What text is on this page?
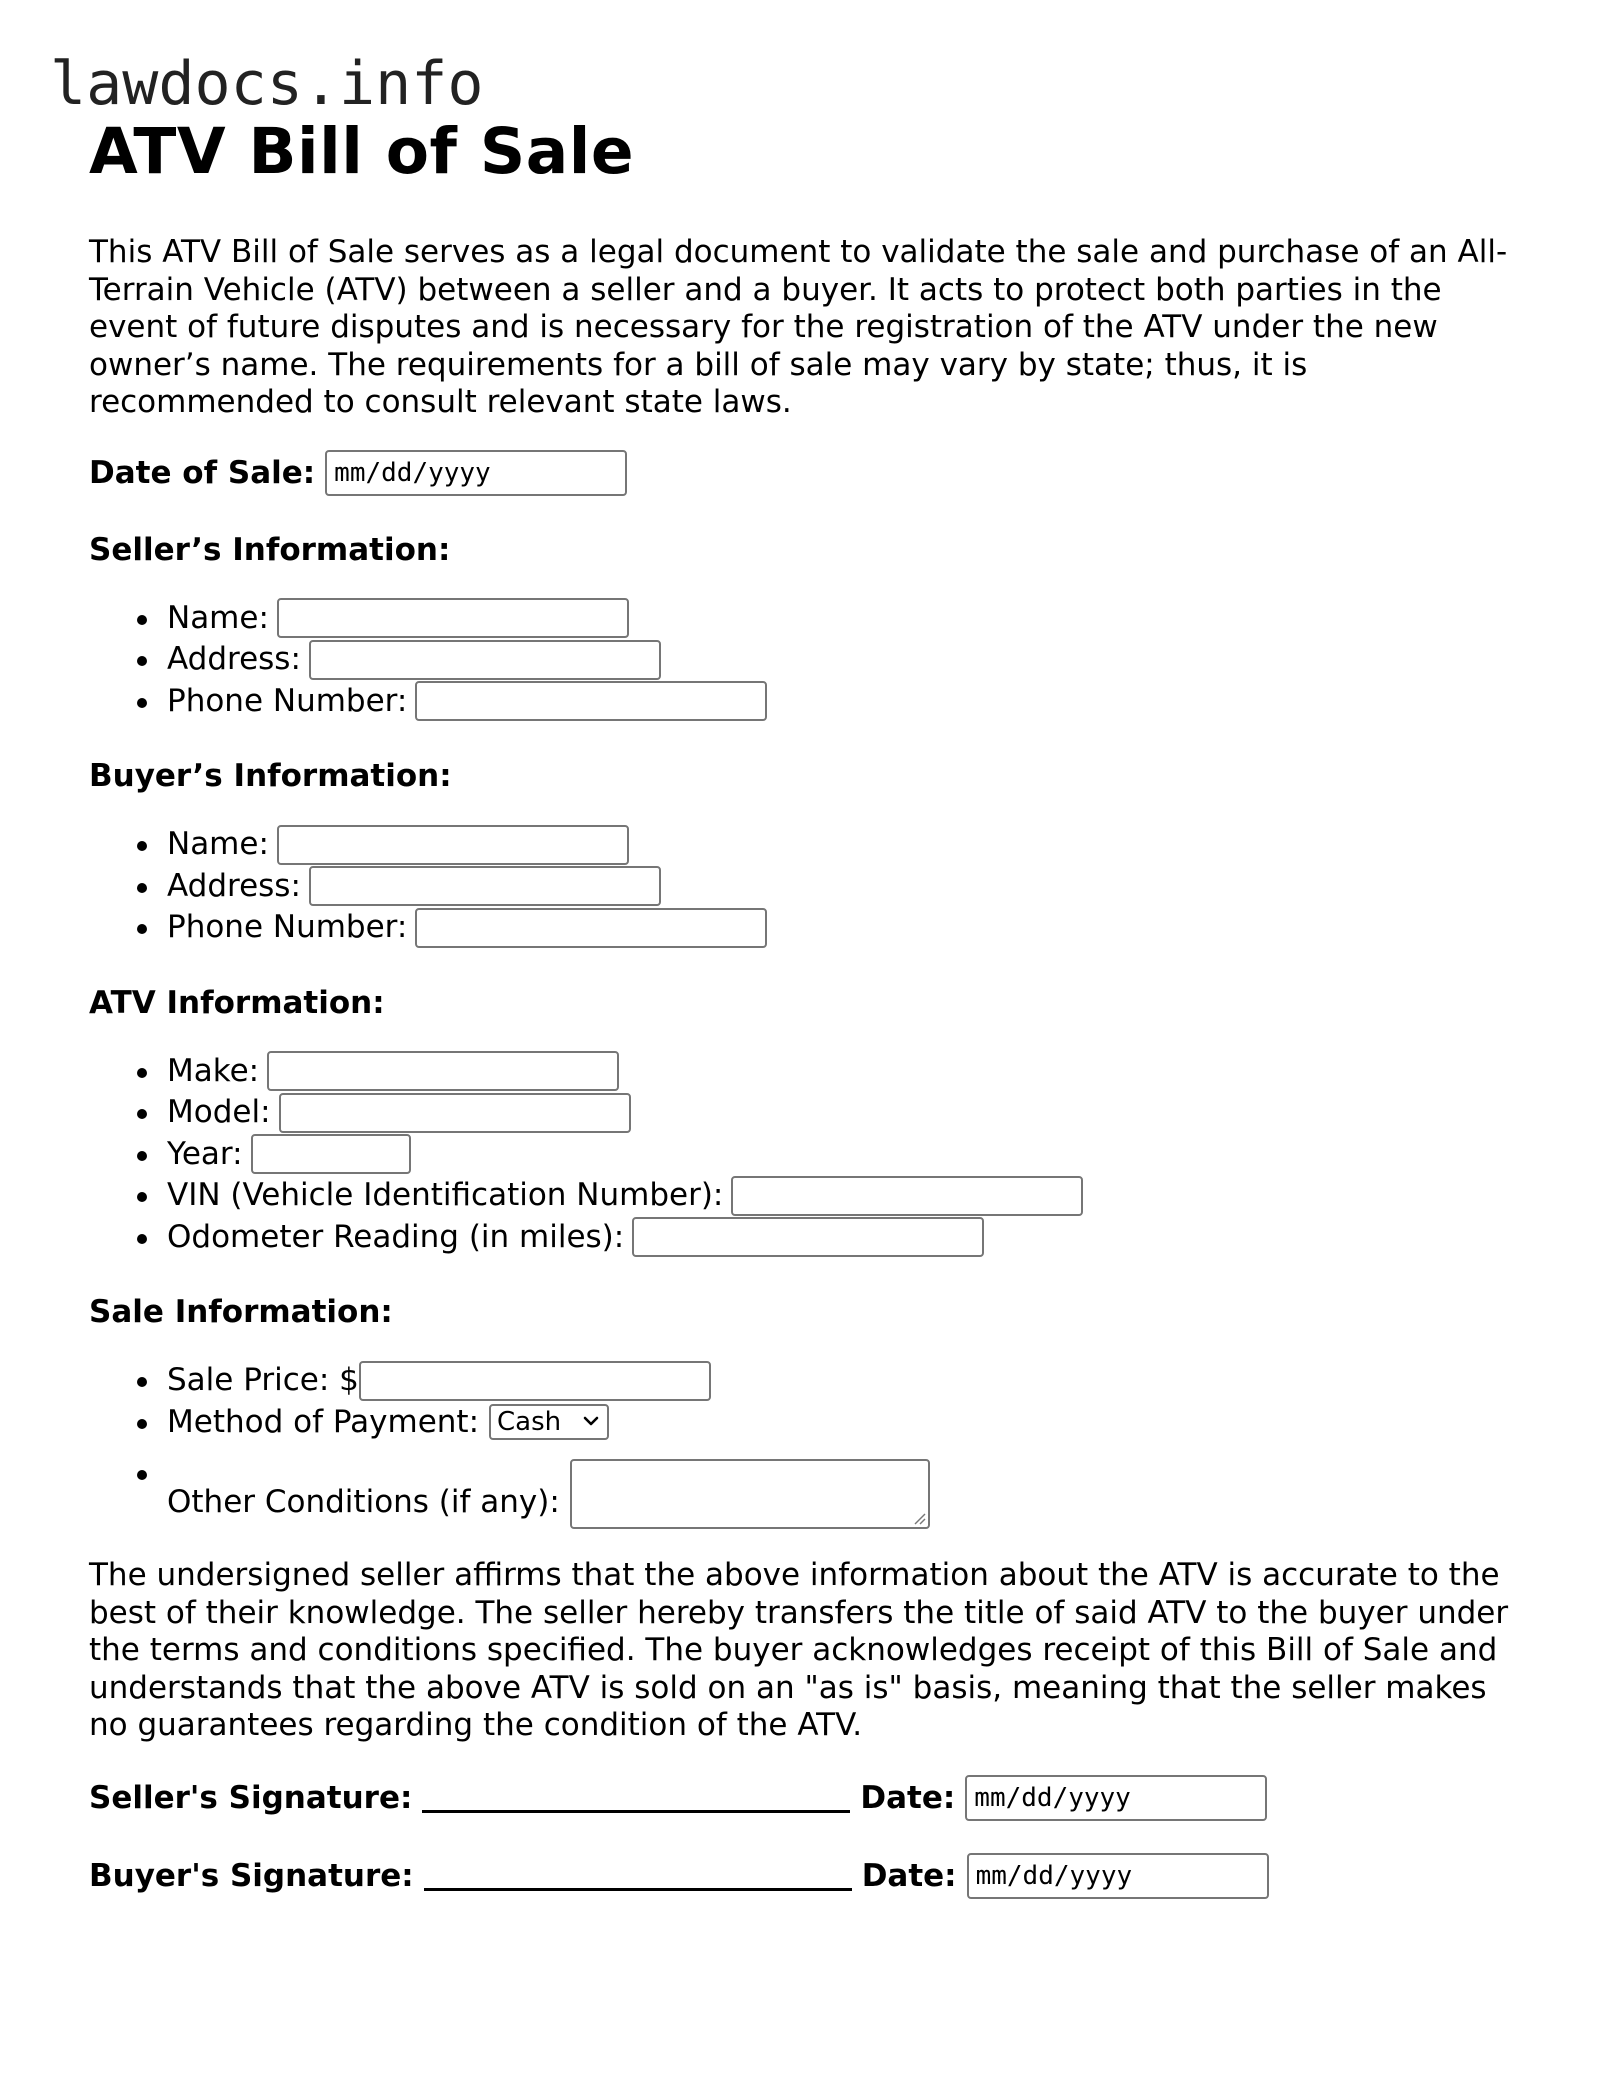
lawdocs.info
ATV Bill of Sale

This ATV Bill of Sale serves as a legal document to validate the sale and purchase of an All-Terrain Vehicle (ATV) between a seller and a buyer. It acts to protect both parties in the event of future disputes and is necessary for the registration of the ATV under the new owner’s name. The requirements for a bill of sale may vary by state; thus, it is recommended to consult relevant state laws.

Date of Sale: mm/dd/yyyy
Seller’s Information:
Name:
Address:
Phone Number:
Buyer’s Information:
Name:
Address:
Phone Number:
ATV Information:
Make:
Model:
Year:
VIN (Vehicle Identification Number):
Odometer Reading (in miles):
Sale Information:
Sale Price: $
Method of Payment: Cash
Other Conditions (if any):

The undersigned seller affirms that the above information about the ATV is accurate to the best of their knowledge. The seller hereby transfers the title of said ATV to the buyer under the terms and conditions specified. The buyer acknowledges receipt of this Bill of Sale and understands that the above ATV is sold on an "as is" basis, meaning that the seller makes no guarantees regarding the condition of the ATV.

Seller's Signature:	Date: mm/dd/yyyy
Buyer's Signature:	Date: mm/dd/yyyy
